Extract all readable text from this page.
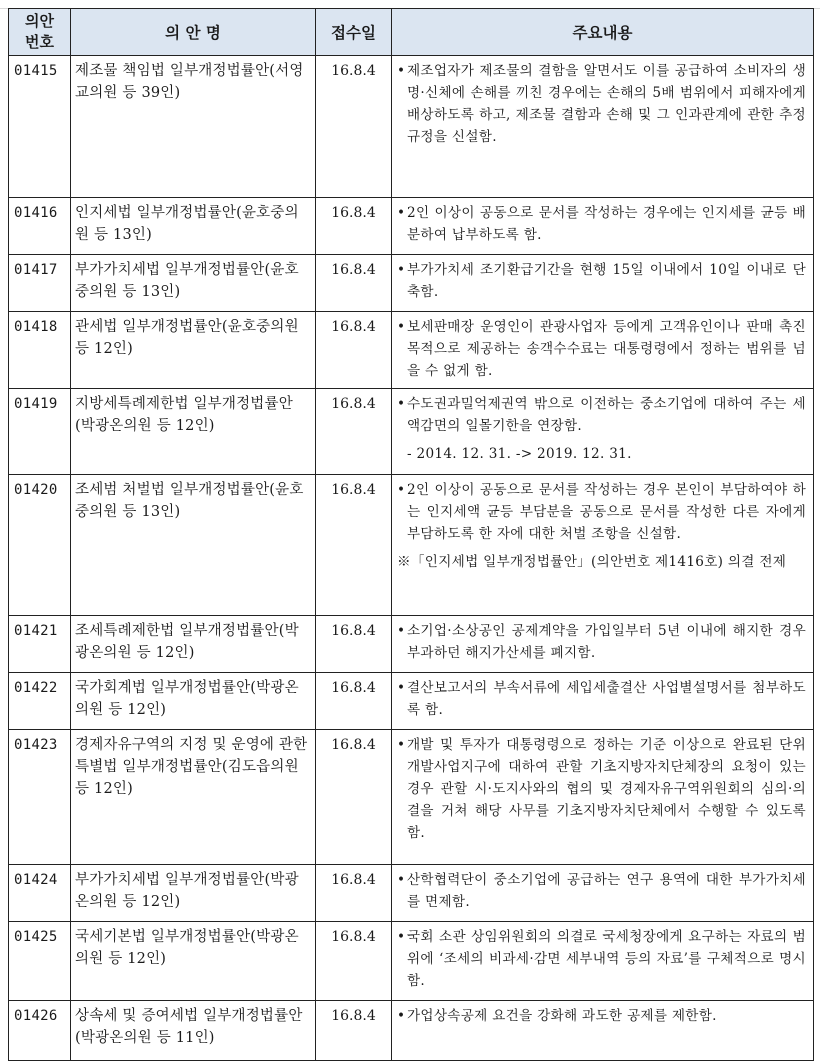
의안
번호	의 안 명	접수일	주요내용
01415	제조물 책임법 일부개정법률안(서영교의원 등 39인)	16.8.4	• 제조업자가 제조물의 결함을 알면서도 이를 공급하여 소비자의 생명·신체에 손해를 끼친 경우에는 손해의 5배 범위에서 피해자에게 배상하도록 하고, 제조물 결함과 손해 및 그 인과관계에 관한 추정규정을 신설함.

01416	인지세법 일부개정법률안(윤호중의원 등 13인)	16.8.4	• 2인 이상이 공동으로 문서를 작성하는 경우에는 인지세를 균등 배분하여 납부하도록 함.

01417	부가가치세법 일부개정법률안(윤호중의원 등 13인)	16.8.4	• 부가가치세 조기환급기간을 현행 15일 이내에서 10일 이내로 단축함.

01418	관세법 일부개정법률안(윤호중의원 등 12인)	16.8.4	• 보세판매장 운영인이 관광사업자 등에게 고객유인이나 판매 촉진 목적으로 제공하는 송객수수료는 대통령령에서 정하는 범위를 넘을 수 없게 함.

01419	지방세특례제한법 일부개정법률안(박광온의원 등 12인)	16.8.4	• 수도권과밀억제권역 밖으로 이전하는 중소기업에 대하여 주는 세액감면의 일몰기한을 연장함.
- 2014. 12. 31. -> 2019. 12. 31.

01420	조세범 처벌법 일부개정법률안(윤호중의원 등 13인)	16.8.4	• 2인 이상이 공동으로 문서를 작성하는 경우 본인이 부담하여야 하는 인지세액 균등 부담분을 공동으로 문서를 작성한 다른 자에게 부담하도록 한 자에 대한 처벌 조항을 신설함.
※「인지세법 일부개정법률안」(의안번호 제1416호) 의결 전제

01421	조세특례제한법 일부개정법률안(박광온의원 등 12인)	16.8.4	• 소기업·소상공인 공제계약을 가입일부터 5년 이내에 해지한 경우 부과하던 해지가산세를 폐지함.

01422	국가회계법 일부개정법률안(박광온의원 등 12인)	16.8.4	• 결산보고서의 부속서류에 세입세출결산 사업별설명서를 첨부하도록 함.

01423	경제자유구역의 지정 및 운영에 관한 특별법 일부개정법률안(김도읍의원 등 12인)	16.8.4	• 개발 및 투자가 대통령령으로 정하는 기준 이상으로 완료된 단위개발사업지구에 대하여 관할 기초지방자치단체장의 요청이 있는 경우 관할 시·도지사와의 협의 및 경제자유구역위원회의 심의·의결을 거쳐 해당 사무를 기초지방자치단체에서 수행할 수 있도록 함.

01424	부가가치세법 일부개정법률안(박광온의원 등 12인)	16.8.4	• 산학협력단이 중소기업에 공급하는 연구 용역에 대한 부가가치세를 면제함.

01425	국세기본법 일부개정법률안(박광온의원 등 12인)	16.8.4	• 국회 소관 상임위원회의 의결로 국세청장에게 요구하는 자료의 범위에 ‘조세의 비과세·감면 세부내역 등의 자료’를 구체적으로 명시함.

01426	상속세 및 증여세법 일부개정법률안(박광온의원 등 11인)	16.8.4	• 가업상속공제 요건을 강화해 과도한 공제를 제한함.
